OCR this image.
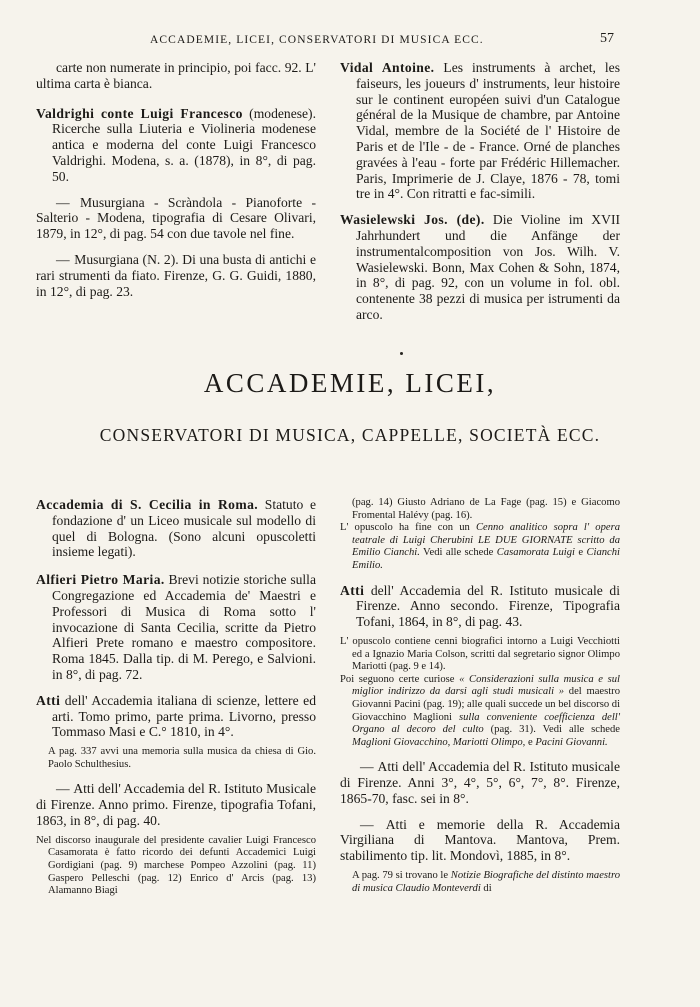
ACCADEMIE, LICEI, CONSERVATORI DI MUSICA ECC.	57

carte non numerate in principio, poi facc. 92. L' ultima carta è bianca.

Valdrighi conte Luigi Francesco (modenese). Ricerche sulla Liuteria e Violineria modenese antica e moderna del conte Luigi Francesco Valdrighi. Modena, s. a. (1878), in 8°, di pag. 50.

— Musurgiana - Scràndola - Pianoforte - Salterio - Modena, tipografia di Cesare Olivari, 1879, in 12°, di pag. 54 con due tavole nel fine.

— Musurgiana (N. 2). Di una busta di antichi e rari strumenti da fiato. Firenze, G. G. Guidi, 1880, in 12°, di pag. 23.

Vidal Antoine. Les instruments à archet, les faiseurs, les joueurs d' instruments, leur histoire sur le continent européen suivi d'un Catalogue général de la Musique de chambre, par Antoine Vidal, membre de la Société de l' Histoire de Paris et de l'Ile - de - France. Orné de planches gravées à l'eau - forte par Frédéric Hillemacher. Paris, Imprimerie de J. Claye, 1876 - 78, tomi tre in 4°. Con ritratti e fac-simili.

Wasielewski Jos. (de). Die Violine im XVII Jahrhundert und die Anfänge der instrumentalcomposition von Jos. Wilh. V. Wasielewski. Bonn, Max Cohen & Sohn, 1874, in 8°, di pag. 92, con un volume in fol. obl. contenente 38 pezzi di musica per istrumenti da arco.

ACCADEMIE, LICEI,
CONSERVATORI DI MUSICA, CAPPELLE, SOCIETÀ ECC.

Accademia di S. Cecilia in Roma. Statuto e fondazione d' un Liceo musicale sul modello di quel di Bologna. (Sono alcuni opuscoletti insieme legati).

Alfieri Pietro Maria. Brevi notizie storiche sulla Congregazione ed Accademia de' Maestri e Professori di Musica di Roma sotto l' invocazione di Santa Cecilia, scritte da Pietro Alfieri Prete romano e maestro compositore. Roma 1845. Dalla tip. di M. Perego, e Salvioni. in 8°, di pag. 72.

Atti dell' Accademia italiana di scienze, lettere ed arti. Tomo primo, parte prima. Livorno, presso Tommaso Masi e C.° 1810, in 4°.

A pag. 337 avvi una memoria sulla musica da chiesa di Gio. Paolo Schulthesius.

— Atti dell' Accademia del R. Istituto Musicale di Firenze. Anno primo. Firenze, tipografia Tofani, 1863, in 8°, di pag. 40.

Nel discorso inaugurale del presidente cavalier Luigi Francesco Casamorata è fatto ricordo dei defunti Accademici Luigi Gordigiani (pag. 9) marchese Pompeo Azzolini (pag. 11) Gaspero Pelleschi (pag. 12) Enrico d' Arcis (pag. 13) Alamanno Biagi

(pag. 14) Giusto Adriano de La Fage (pag. 15) e Giacomo Fromental Halévy (pag. 16).

L' opuscolo ha fine con un Cenno analitico sopra l' opera teatrale di Luigi Cherubini LE DUE GIORNATE scritto da Emilio Cianchi. Vedi alle schede Casamorata Luigi e Cianchi Emilio.

Atti dell' Accademia del R. Istituto musicale di Firenze. Anno secondo. Firenze, Tipografia Tofani, 1864, in 8°, di pag. 43.

L' opuscolo contiene cenni biografici intorno a Luigi Vecchiotti ed a Ignazio Maria Colson, scritti dal segretario signor Olimpo Mariotti (pag. 9 e 14).

Poi seguono certe curiose « Considerazioni sulla musica e sul miglior indirizzo da darsi agli studi musicali » del maestro Giovanni Pacini (pag. 19); alle quali succede un bel discorso di Giovacchino Maglioni sulla conveniente coefficienza dell' Organo al decoro del culto (pag. 31). Vedi alle schede Maglioni Giovacchino, Mariotti Olimpo, e Pacini Giovanni.

— Atti dell' Accademia del R. Istituto musicale di Firenze. Anni 3°, 4°, 5°, 6°, 7°, 8°. Firenze, 1865-70, fasc. sei in 8°.

— Atti e memorie della R. Accademia Virgiliana di Mantova. Mantova, Prem. stabilimento tip. lit. Mondovì, 1885, in 8°.

A pag. 79 si trovano le Notizie Biografiche del distinto maestro di musica Claudio Monteverdi di
